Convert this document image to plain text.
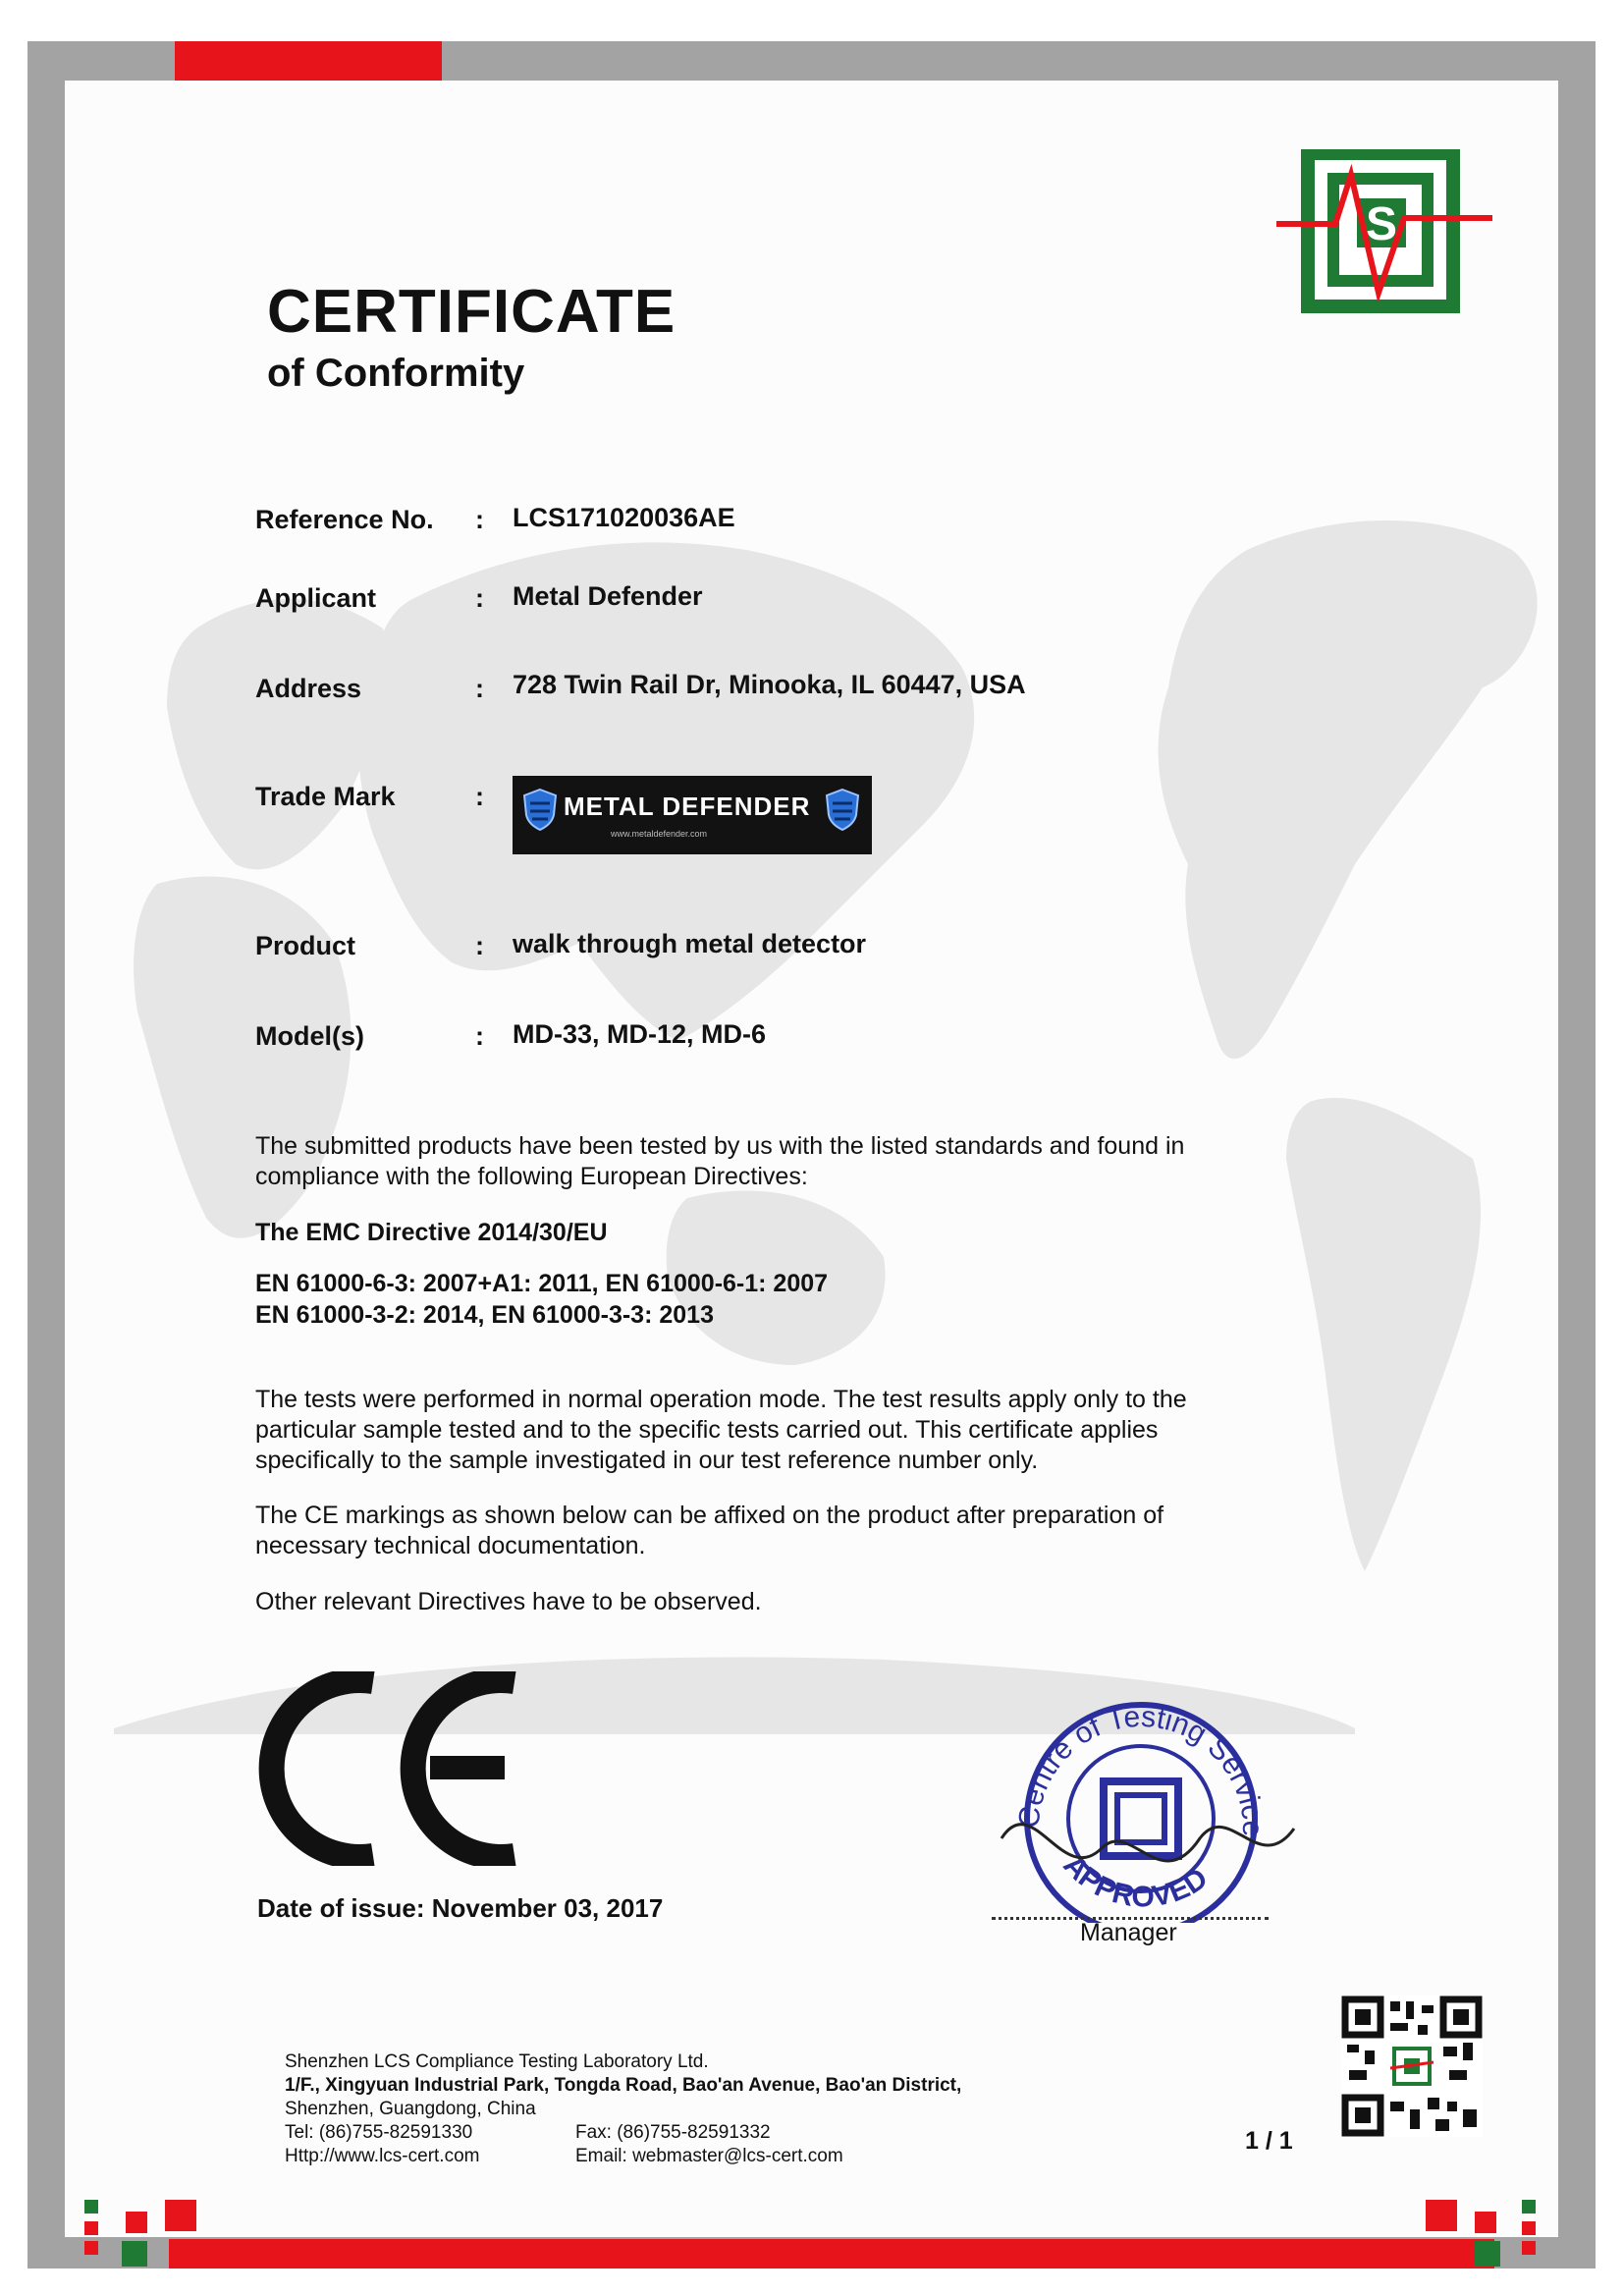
S
CERTIFICATE
of Conformity
Reference No. : LCS171020036AE
Applicant	: Metal Defender
Address	: 728 Twin Rail Dr, Minooka, IL 60447, USA
Trade Mark	:	METAL DEFENDER
www.metaldefender.com
Product	: walk through metal detector
Model(s)	: MD-33, MD-12, MD-6

The submitted products have been tested by us with the listed standards and found in compliance with the following European Directives:

The EMC Directive 2014/30/EU

EN 61000-6-3: 2007+A1: 2011, EN 61000-6-1: 2007

EN 61000-3-2: 2014, EN 61000-3-3: 2013

The tests were performed in normal operation mode. The test results apply only to the particular sample tested and to the specific tests carried out. This certificate applies specifically to the sample investigated in our test reference number only.

The CE markings as shown below can be affixed on the product after preparation of necessary technical documentation.

Other relevant Directives have to be observed.

Date of issue: November 03, 2017
Centre of Testing Service
APPROVED
Manager
Shenzhen LCS Compliance Testing Laboratory Ltd.
1/F., Xingyuan Industrial Park, Tongda Road, Bao'an Avenue, Bao'an District,
Shenzhen, Guangdong, China
Tel: (86)755-82591330	Fax: (86)755-82591332
Http://www.lcs-cert.com	Email: webmaster@lcs-cert.com
1 / 1
